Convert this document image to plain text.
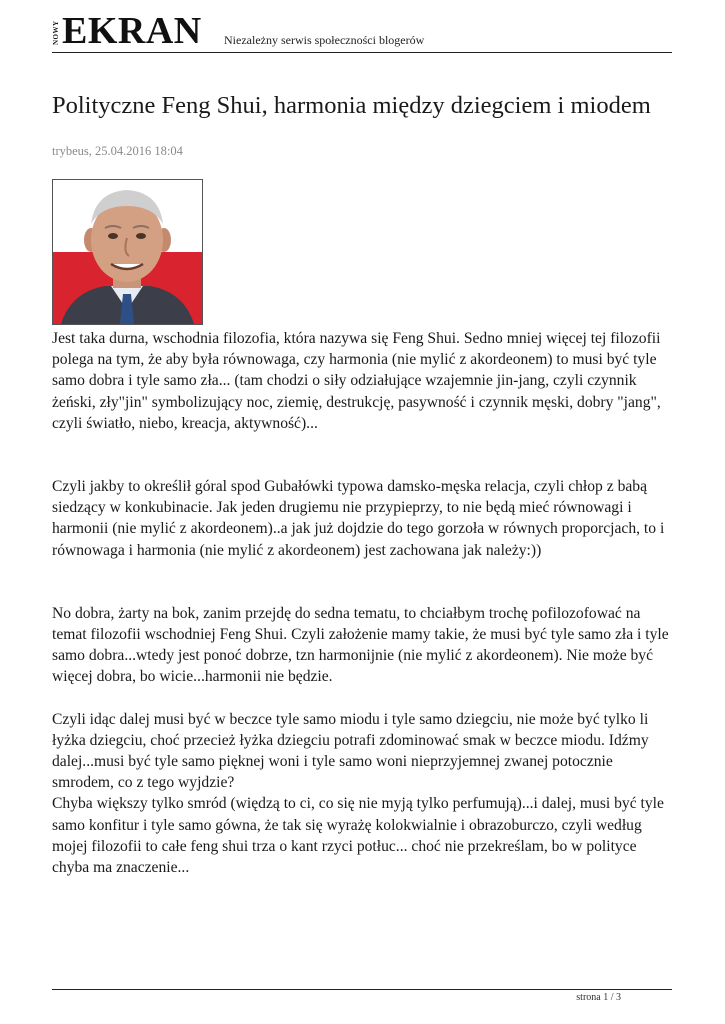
NOWY EKRAN Niezależny serwis społeczności blogerów
Polityczne Feng Shui, harmonia między dziegciem i miodem
trybeus, 25.04.2016 18:04

Jest taka durna, wschodnia filozofia, która nazywa się Feng Shui. Sedno mniej więcej tej filozofii polega na tym, że aby była równowaga, czy harmonia (nie mylić z akordeonem) to musi być tyle samo dobra i tyle samo zła... (tam chodzi o siły odziałujące wzajemnie jin-jang, czyli czynnik żeński, zły"jin" symbolizujący noc, ziemię, destrukcję, pasywność i czynnik męski, dobry "jang", czyli światło, niebo, kreacja, aktywność)...

Czyli jakby to określił góral spod Gubałówki typowa damsko-męska relacja, czyli chłop z babą siedzący w konkubinacie. Jak jeden drugiemu nie przypieprzy, to nie będą mieć równowagi i harmonii (nie mylić z akordeonem)..a jak już dojdzie do tego gorzoła w równych proporcjach, to i równowaga i harmonia (nie mylić z akordeonem) jest zachowana jak należy:))

No dobra, żarty na bok, zanim przejdę do sedna tematu, to chciałbym trochę pofilozofować na temat filozofii wschodniej Feng Shui. Czyli założenie mamy takie, że musi być tyle samo zła i tyle samo dobra...wtedy jest ponoć dobrze, tzn harmonijnie (nie mylić z akordeonem). Nie może być więcej dobra, bo wicie...harmonii nie będzie.

Czyli idąc dalej musi być w beczce tyle samo miodu i tyle samo dziegciu, nie może być tylko li łyżka dziegciu, choć przecież łyżka dziegciu potrafi zdominować smak w beczce miodu. Idźmy dalej...musi być tyle samo pięknej woni i tyle samo woni nieprzyjemnej zwanej potocznie smrodem, co z tego wyjdzie?

Chyba większy tylko smród (więdzą to ci, co się nie myją tylko perfumują)...i dalej, musi być tyle samo konfitur i tyle samo gówna, że tak się wyrażę kolokwialnie i obrazoburczo, czyli według mojej filozofii to całe feng shui trza o kant rzyci potłuc... choć nie przekreślam, bo w polityce chyba ma znaczenie...

strona 1 / 3
